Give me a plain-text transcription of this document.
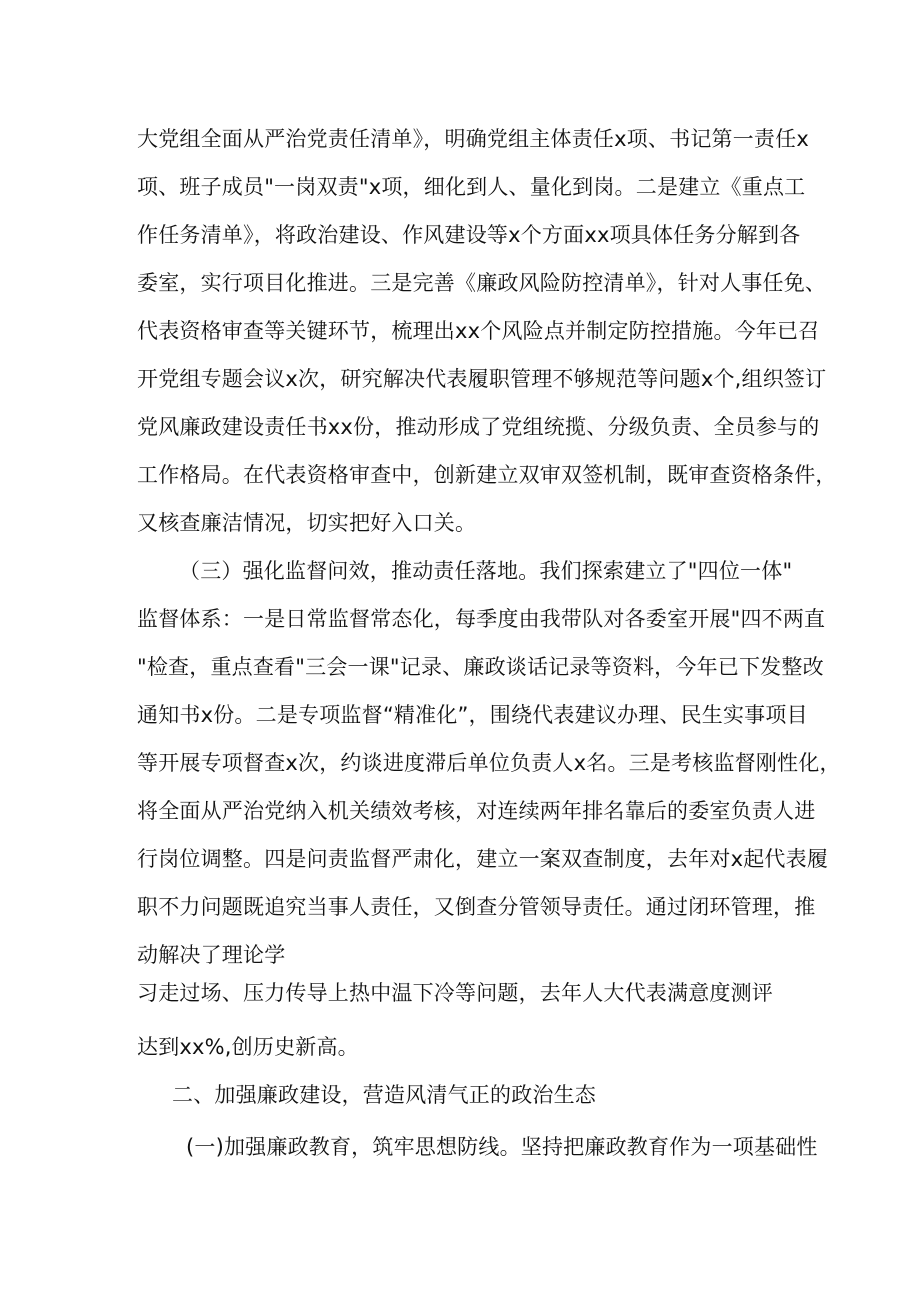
大党组全面从严治党责任清单》，明确党组主体责任x项、书记第一责任x
项、班子成员"一岗双责"x项，细化到人、量化到岗。二是建立《重点工
作任务清单》，将政治建设、作风建设等x个方面xx项具体任务分解到各
委室，实行项目化推进。三是完善《廉政风险防控清单》，针对人事任免、
代表资格审查等关键环节，梳理出xx个风险点并制定防控措施。今年已召
开党组专题会议x次，研究解决代表履职管理不够规范等问题x个,组织签订
党风廉政建设责任书xx份，推动形成了党组统揽、分级负责、全员参与的
工作格局。在代表资格审查中，创新建立双审双签机制，既审查资格条件，
又核查廉洁情况，切实把好入口关。
（三）强化监督问效，推动责任落地。我们探索建立了"四位一体"
监督体系：一是日常监督常态化，每季度由我带队对各委室开展"四不两直
"检查，重点查看"三会一课"记录、廉政谈话记录等资料，今年已下发整改
通知书x份。二是专项监督“精准化”，围绕代表建议办理、民生实事项目
等开展专项督查x次，约谈进度滞后单位负责人x名。三是考核监督刚性化，
将全面从严治党纳入机关绩效考核，对连续两年排名靠后的委室负责人进
行岗位调整。四是问责监督严肃化，建立一案双查制度，去年对x起代表履
职不力问题既追究当事人责任，又倒查分管领导责任。通过闭环管理，推
动解决了理论学
习走过场、压力传导上热中温下冷等问题，去年人大代表满意度测评
达到xx%,创历史新高。
二、加强廉政建设，营造风清气正的政治生态
(一)加强廉政教育，筑牢思想防线。坚持把廉政教育作为一项基础性
